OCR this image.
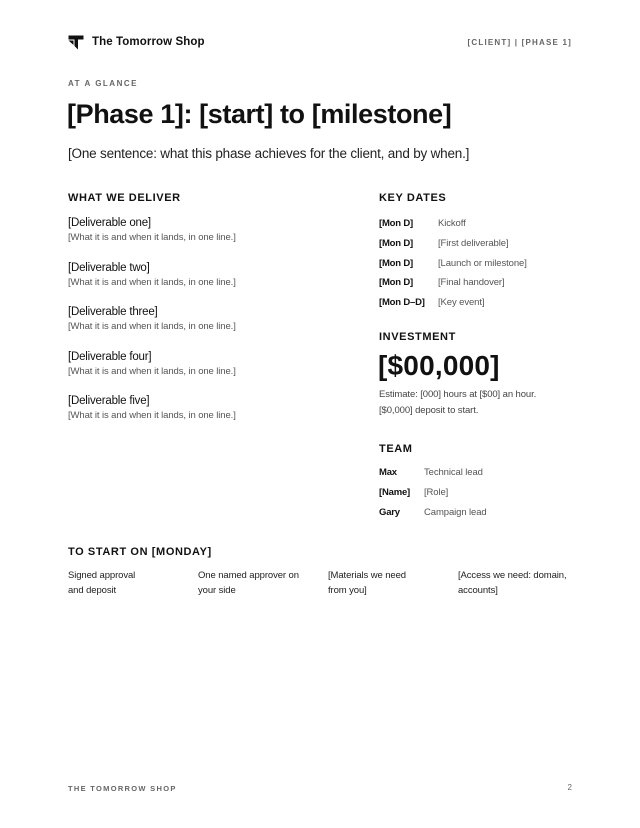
The Tomorrow Shop	[CLIENT] | [PHASE 1]
AT A GLANCE
[Phase 1]: [start] to [milestone]

[One sentence: what this phase achieves for the client, and by when.]

WHAT WE DELIVER
[Deliverable one]
[What it is and when it lands, in one line.]
[Deliverable two]
[What it is and when it lands, in one line.]
[Deliverable three]
[What it is and when it lands, in one line.]
[Deliverable four]
[What it is and when it lands, in one line.]
[Deliverable five]
[What it is and when it lands, in one line.]
KEY DATES
[Mon D]	Kickoff
[Mon D]	[First deliverable]
[Mon D]	[Launch or milestone]
[Mon D]	[Final handover]
[Mon D–D]	[Key event]
INVESTMENT
[$00,000]
Estimate: [000] hours at [$00] an hour.
[$0,000] deposit to start.
TEAM
Max	Technical lead
[Name]	[Role]
Gary	Campaign lead
TO START ON [MONDAY]
Signed approval
and deposit
One named approver on
your side
[Materials we need
from you]
[Access we need: domain,
accounts]
THE TOMORROW SHOP	2
